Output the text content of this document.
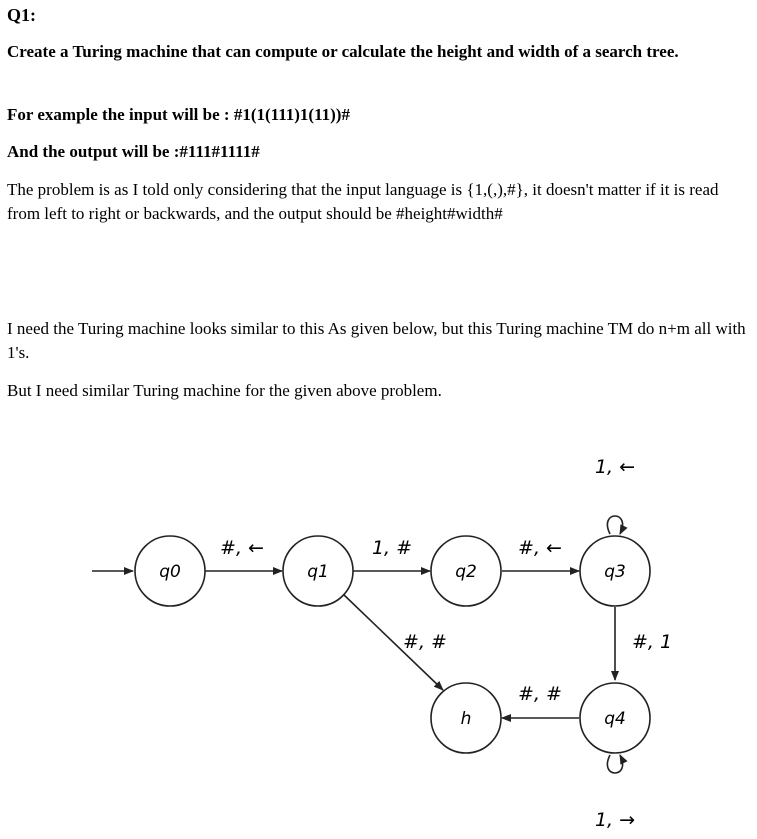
Q1:
Create a Turing machine that can compute or calculate the height and width of a search tree.
For example the input will be : #1(1(111)1(11))#
And the output will be :#111#1111#
The problem is as I told only considering that the input language is {1,(,),#}, it doesn't matter if it is read from left to right or backwards, and the output should be #height#width#
I need the Turing machine looks similar to this As given below, but this Turing machine TM do n+m all with 1's.
But I need similar Turing machine for the given above problem.
q0	q1	q2	q3
h	q4
#, ←	1, #	#, ←
1, ←
#, 1
#, #
#, #
1, →
